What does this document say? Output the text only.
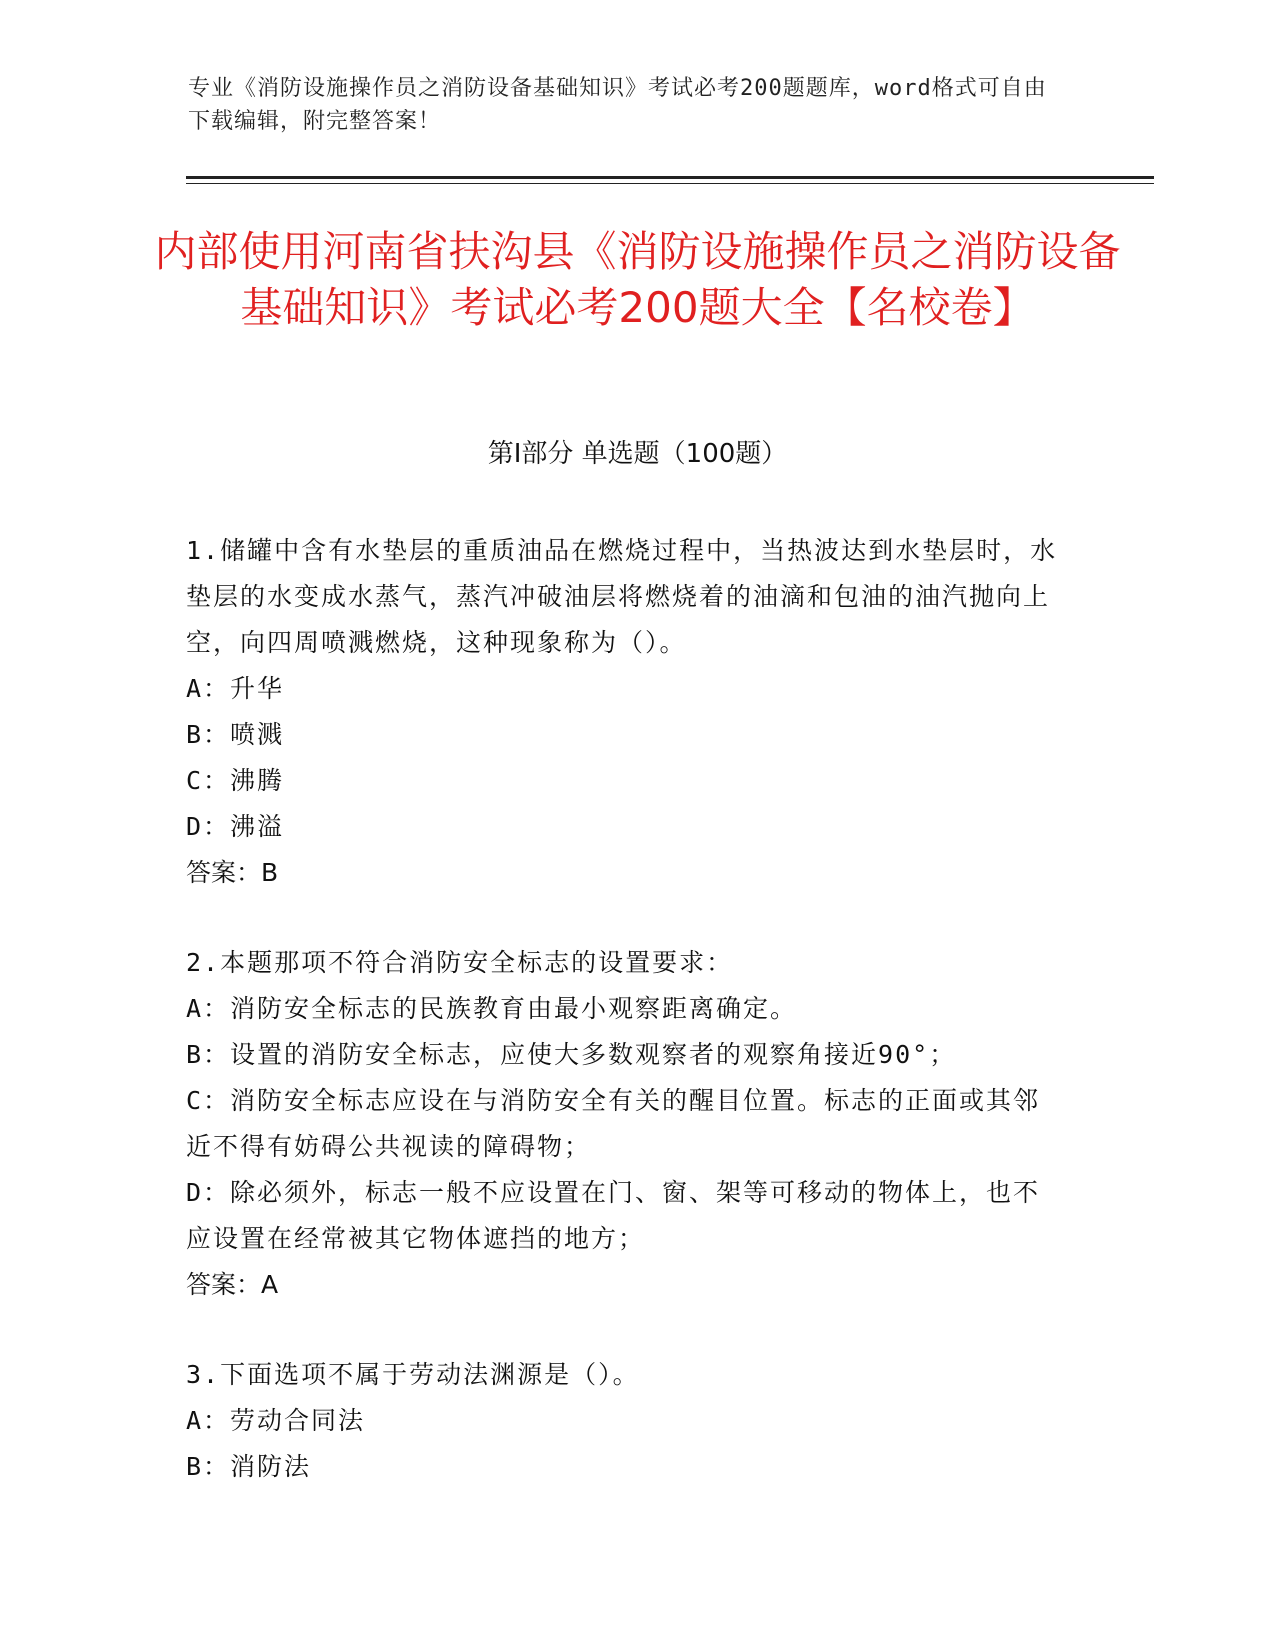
专业《消防设施操作员之消防设备基础知识》考试必考200题题库，word格式可自由下载编辑，附完整答案！
内部使用河南省扶沟县《消防设施操作员之消防设备基础知识》考试必考200题大全【名校卷】
第I部分 单选题（100题）

1.储罐中含有水垫层的重质油品在燃烧过程中，当热波达到水垫层时，水垫层的水变成水蒸气，蒸汽冲破油层将燃烧着的油滴和包油的油汽抛向上空，向四周喷溅燃烧，这种现象称为（）。

A：升华

B：喷溅

C：沸腾

D：沸溢

答案：B

2.本题那项不符合消防安全标志的设置要求：

A：消防安全标志的民族教育由最小观察距离确定。

B：设置的消防安全标志，应使大多数观察者的观察角接近90°；

C：消防安全标志应设在与消防安全有关的醒目位置。标志的正面或其邻近不得有妨碍公共视读的障碍物；

D：除必须外，标志一般不应设置在门、窗、架等可移动的物体上，也不应设置在经常被其它物体遮挡的地方；

答案：A

3.下面选项不属于劳动法渊源是（）。

A：劳动合同法

B：消防法
